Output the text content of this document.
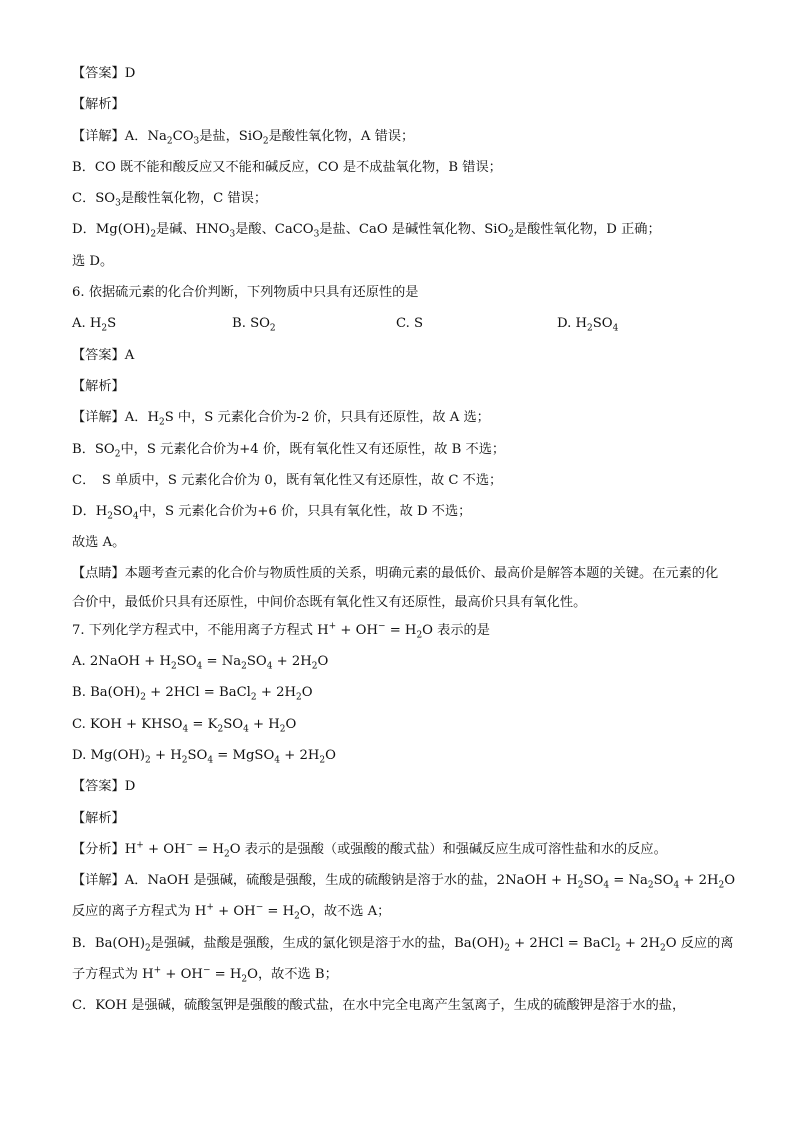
【答案】D
【解析】
【详解】A．$Na_2CO_3$是盐，SiO$_2$是酸性氧化物，A 错误；
B．CO 既不能和酸反应又不能和碱反应，CO 是不成盐氧化物，B 错误；
C．$SO_3$是酸性氧化物，C 错误；
D．$Mg(OH)_2$是碱、$HNO_3$是酸、CaCO$_3$是盐、CaO 是碱性氧化物、SiO$_2$是酸性氧化物，D 正确；
选 D。
6. 依据硫元素的化合价判断，下列物质中只具有还原性的是
A. $H_2S$	B. $SO_2$	C. S	D. $H_2SO_4$
【答案】A
【解析】
【详解】A．$H_2S$ 中，S 元素化合价为-2 价，只具有还原性，故 A 选；
B．$SO_2$中，S 元素化合价为+4 价，既有氧化性又有还原性，故 B 不选；
C．　S 单质中，S 元素化合价为 0，既有氧化性又有还原性，故 C 不选；
D．$H_2SO_4$中，S 元素化合价为+6 价，只具有氧化性，故 D 不选；
故选 A。
【点睛】本题考查元素的化合价与物质性质的关系，明确元素的最低价、最高价是解答本题的关键。在元素的化合价中，最低价只具有还原性，中间价态既有氧化性又有还原性，最高价只具有氧化性。
7. 下列化学方程式中，不能用离子方程式 $H^+ + OH^- = H_2O$ 表示的是
A. 2NaOH + $H_2SO_4 = Na_2SO_4 + 2H_2O$
B. $Ba(OH)_2 + 2HCl$ = BaCl$_2$ + $2H_2O$
C. KOH + $KHSO_4 = K_2SO_4 + H_2O$
D. $Mg(OH)_2 + H_2SO_4$ = MgSO$_4$ + $2H_2O$
【答案】D
【解析】
【分析】$H^+ + OH^- = H_2O$ 表示的是强酸（或强酸的酸式盐）和强碱反应生成可溶性盐和水的反应。
【详解】A．NaOH 是强碱，硫酸是强酸，生成的硫酸钠是溶于水的盐，2NaOH + $H_2SO_4 = Na_2SO_4 + 2H_2O$
反应的离子方程式为 $H^+ + OH^- = H_2O$，故不选 A；
B．$Ba(OH)_2$是强碱，盐酸是强酸，生成的氯化钡是溶于水的盐，$Ba(OH)_2 + 2HCl$ = BaCl$_2$ + $2H_2O$ 反应的离
子方程式为 $H^+ + OH^- = H_2O$，故不选 B；
C．KOH 是强碱，硫酸氢钾是强酸的酸式盐，在水中完全电离产生氢离子，生成的硫酸钾是溶于水的盐，
